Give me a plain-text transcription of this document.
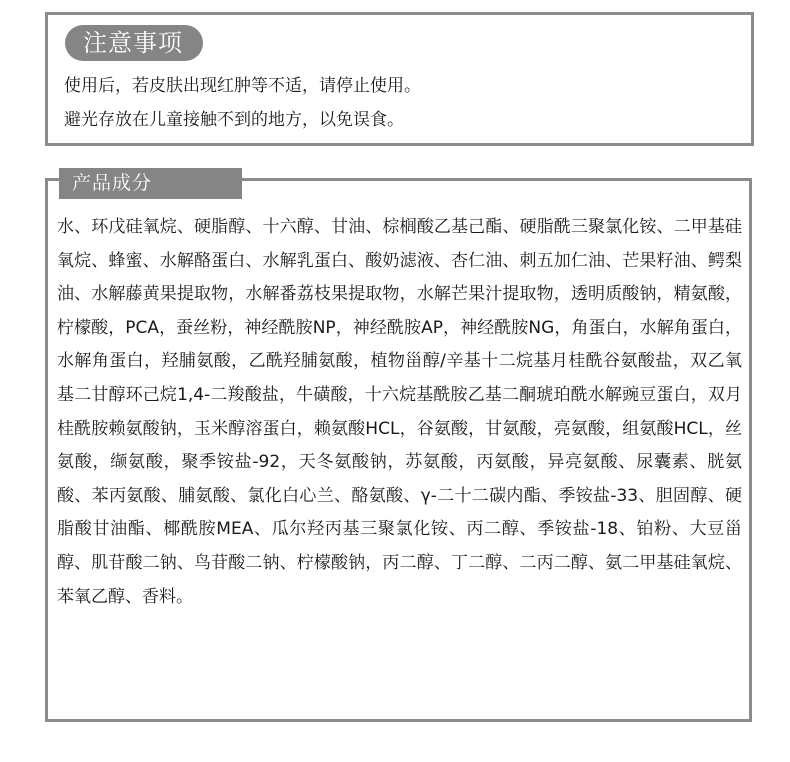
注意事项
使用后，若皮肤出现红肿等不适，请停止使用。
避光存放在儿童接触不到的地方，以免误食。
水、环戊硅氧烷、硬脂醇、十六醇、甘油、棕榈酸乙基己酯、硬脂酰三聚氯化铵、二甲基硅氧烷、蜂蜜、水解酪蛋白、水解乳蛋白、酸奶滤液、杏仁油、刺五加仁油、芒果籽油、鳄梨油、水解藤黄果提取物，水解番荔枝果提取物，水解芒果汁提取物，透明质酸钠，精氨酸，柠檬酸，PCA，蚕丝粉，神经酰胺NP，神经酰胺AP，神经酰胺NG，角蛋白，水解角蛋白，水解角蛋白，羟脯氨酸，乙酰羟脯氨酸，植物甾醇/辛基十二烷基月桂酰谷氨酸盐，双乙氧基二甘醇环己烷1,4-二羧酸盐，牛磺酸，十六烷基酰胺乙基二酮琥珀酰水解豌豆蛋白，双月桂酰胺赖氨酸钠，玉米醇溶蛋白，赖氨酸HCL，谷氨酸，甘氨酸，亮氨酸，组氨酸HCL，丝氨酸，缬氨酸，聚季铵盐-92，天冬氨酸钠，苏氨酸，丙氨酸，异亮氨酸、尿囊素、胱氨酸、苯丙氨酸、脯氨酸、氯化白心兰、酪氨酸、γ-二十二碳内酯、季铵盐-33、胆固醇、硬脂酸甘油酯、椰酰胺MEA、瓜尔羟丙基三聚氯化铵、丙二醇、季铵盐-18、铂粉、大豆甾醇、肌苷酸二钠、鸟苷酸二钠、柠檬酸钠，丙二醇、丁二醇、二丙二醇、氨二甲基硅氧烷、苯氧乙醇、香料。
产品成分
